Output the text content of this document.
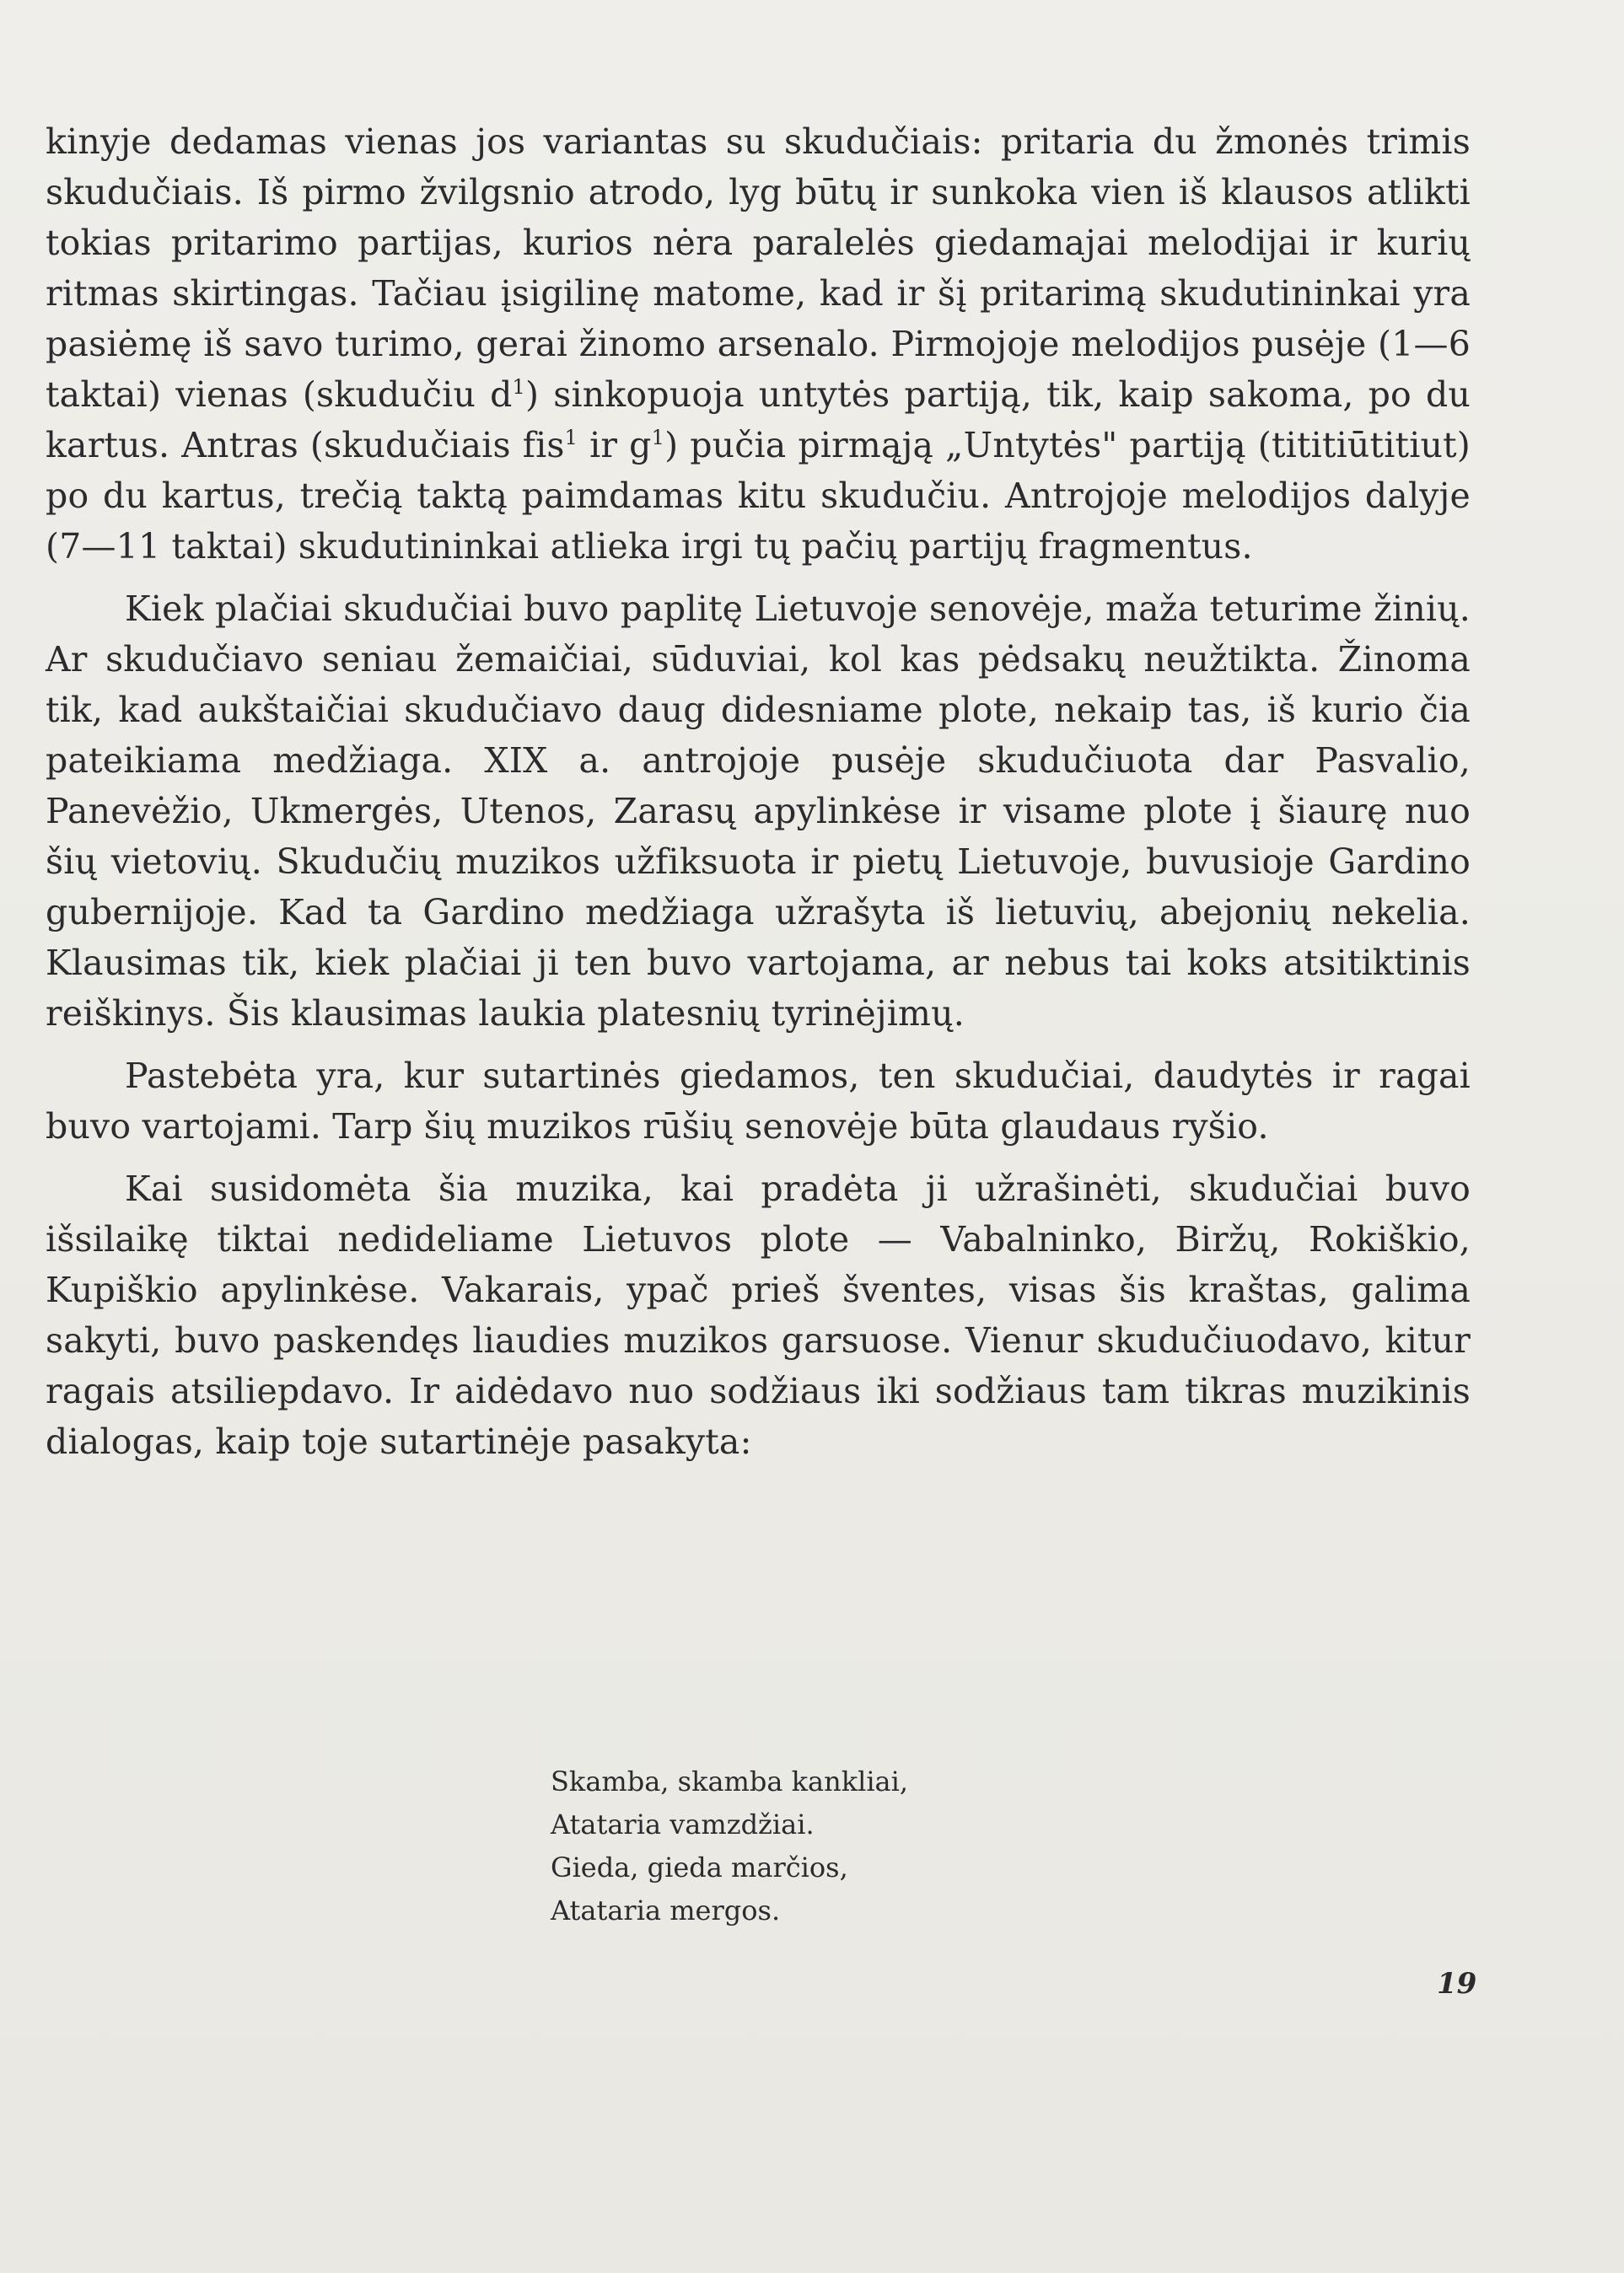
kinyje dedamas vienas jos variantas su skudučiais: pritaria du žmonės trimis skudučiais. Iš pirmo žvilgsnio atrodo, lyg būtų ir sunkoka vien iš klausos atlikti tokias pritarimo partijas, kurios nėra paralelės giedamajai melodijai ir kurių ritmas skirtingas. Tačiau įsigilinę matome, kad ir šį pritarimą skudutininkai yra pasiėmę iš savo turimo, gerai žinomo arsenalo. Pirmojoje melodijos pusėje (1—6 taktai) vienas (skudučiu $d^1$) sinkopuoja untytės partiją, tik, kaip sakoma, po du kartus. Antras (skudučiais fis$^1$ ir $g^1$) pučia pirmąją „Untytės" partiją (tititiūtitiut) po du kartus, trečią taktą paimdamas kitu skudučiu. Antrojoje melodijos dalyje (7—11 taktai) skudutininkai atlieka irgi tų pačių partijų fragmentus.

Kiek plačiai skudučiai buvo paplitę Lietuvoje senovėje, maža teturime žinių. Ar skudučiavo seniau žemaičiai, sūduviai, kol kas pėdsakų neužtikta. Žinoma tik, kad aukštaičiai skudučiavo daug didesniame plote, nekaip tas, iš kurio čia pateikiama medžiaga. XIX a. antrojoje pusėje skudučiuota dar Pasvalio, Panevėžio, Ukmergės, Utenos, Zarasų apylinkėse ir visame plote į šiaurę nuo šių vietovių. Skudučių muzikos užfiksuota ir pietų Lietuvoje, buvusioje Gardino gubernijoje. Kad ta Gardino medžiaga užrašyta iš lietuvių, abejonių nekelia. Klausimas tik, kiek plačiai ji ten buvo vartojama, ar nebus tai koks atsitiktinis reiškinys. Šis klausimas laukia platesnių tyrinėjimų.

Pastebėta yra, kur sutartinės giedamos, ten skudučiai, daudytės ir ragai buvo vartojami. Tarp šių muzikos rūšių senovėje būta glaudaus ryšio.

Kai susidomėta šia muzika, kai pradėta ji užrašinėti, skudučiai buvo išsilaikę tiktai nedideliame Lietuvos plote — Vabalninko, Biržų, Rokiškio, Kupiškio apylinkėse. Vakarais, ypač prieš šventes, visas šis kraštas, galima sakyti, buvo paskendęs liaudies muzikos garsuose. Vienur skudučiuodavo, kitur ragais atsiliepdavo. Ir aidėdavo nuo sodžiaus iki sodžiaus tam tikras muzikinis dialogas, kaip toje sutartinėje pasakyta:

Skamba, skamba kankliai,
Atataria vamzdžiai.
Gieda, gieda marčios,
Atataria mergos.
19
